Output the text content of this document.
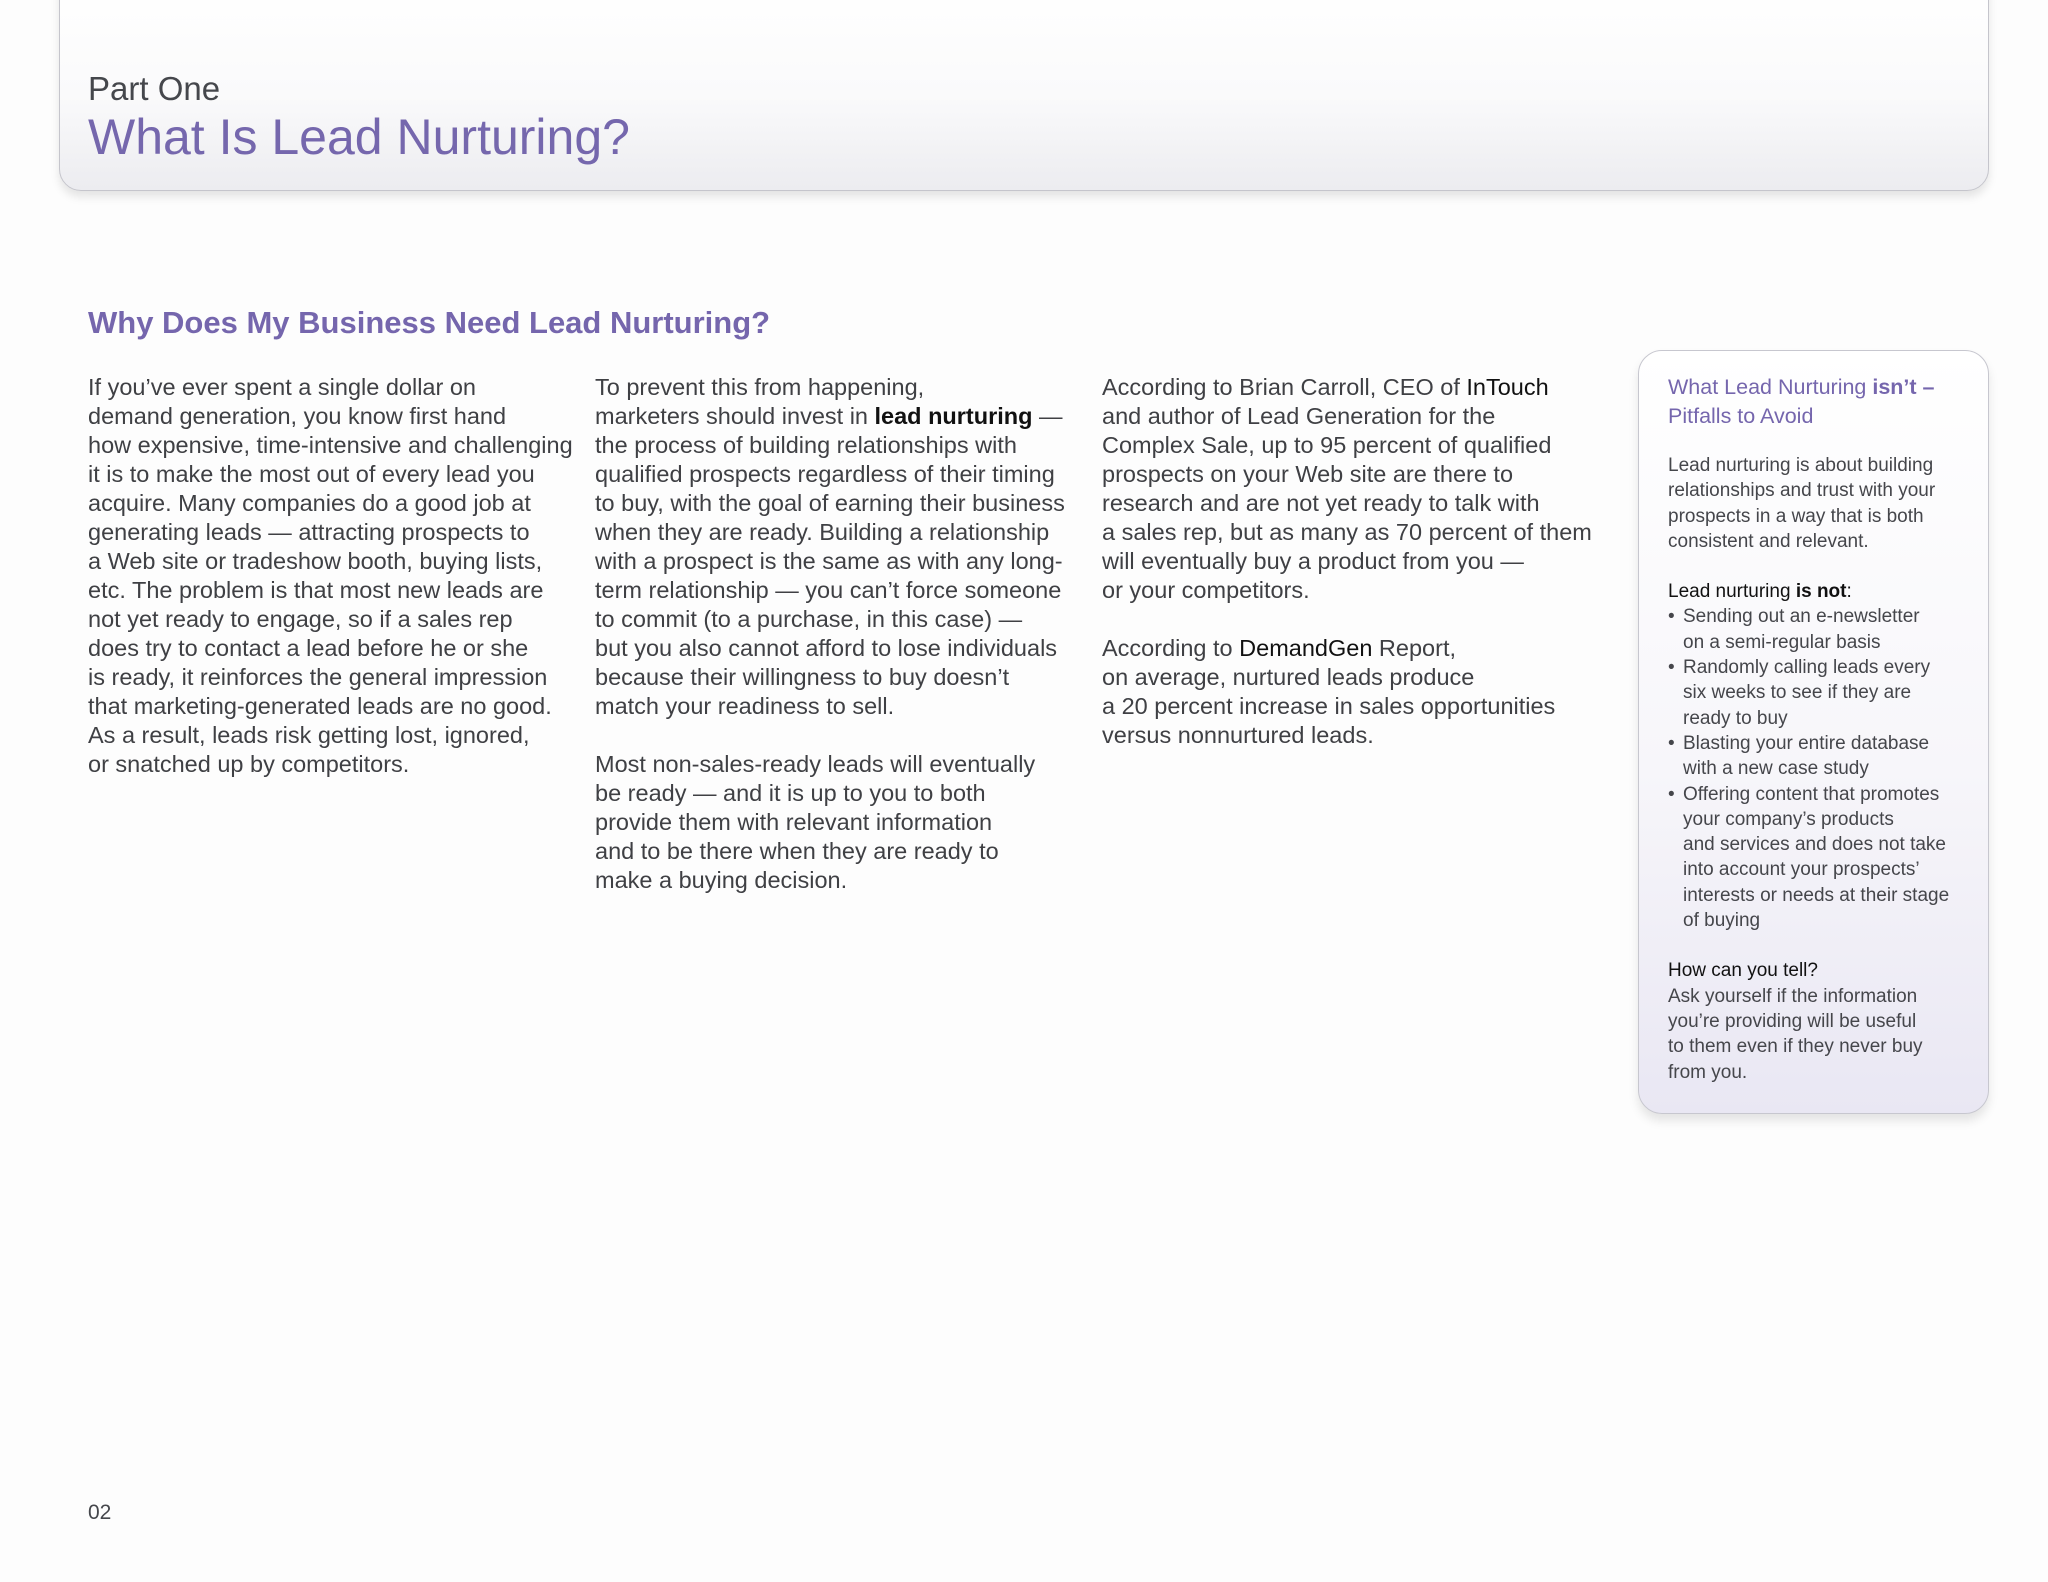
Part One
What Is Lead Nurturing?
Why Does My Business Need Lead Nurturing?

If you’ve ever spent a single dollar on
demand generation, you know first hand
how expensive, time-intensive and challenging
it is to make the most out of every lead you
acquire. Many companies do a good job at
generating leads — attracting prospects to
a Web site or tradeshow booth, buying lists,
etc. The problem is that most new leads are
not yet ready to engage, so if a sales rep
does try to contact a lead before he or she
is ready, it reinforces the general impression
that marketing-generated leads are no good.
As a result, leads risk getting lost, ignored,
or snatched up by competitors.

To prevent this from happening,
marketers should invest in lead nurturing —
the process of building relationships with
qualified prospects regardless of their timing
to buy, with the goal of earning their business
when they are ready. Building a relationship
with a prospect is the same as with any long-
term relationship — you can’t force someone
to commit (to a purchase, in this case) —
but you also cannot afford to lose individuals
because their willingness to buy doesn’t
match your readiness to sell.

Most non-sales-ready leads will eventually
be ready — and it is up to you to both
provide them with relevant information
and to be there when they are ready to
make a buying decision.

According to Brian Carroll, CEO of InTouch
and author of Lead Generation for the
Complex Sale, up to 95 percent of qualified
prospects on your Web site are there to
research and are not yet ready to talk with
a sales rep, but as many as 70 percent of them
will eventually buy a product from you —
or your competitors.

According to DemandGen Report,
on average, nurtured leads produce
a 20 percent increase in sales opportunities
versus nonnurtured leads.

What Lead Nurturing isn’t –
Pitfalls to Avoid

Lead nurturing is about building
relationships and trust with your
prospects in a way that is both
consistent and relevant.

Lead nurturing is not:

• Sending out an e-newsletter
on a semi-regular basis
• Randomly calling leads every
six weeks to see if they are
ready to buy
• Blasting your entire database
with a new case study
• Offering content that promotes
your company’s products
and services and does not take
into account your prospects’
interests or needs at their stage
of buying

How can you tell?

Ask yourself if the information
you’re providing will be useful
to them even if they never buy
from you.

02
